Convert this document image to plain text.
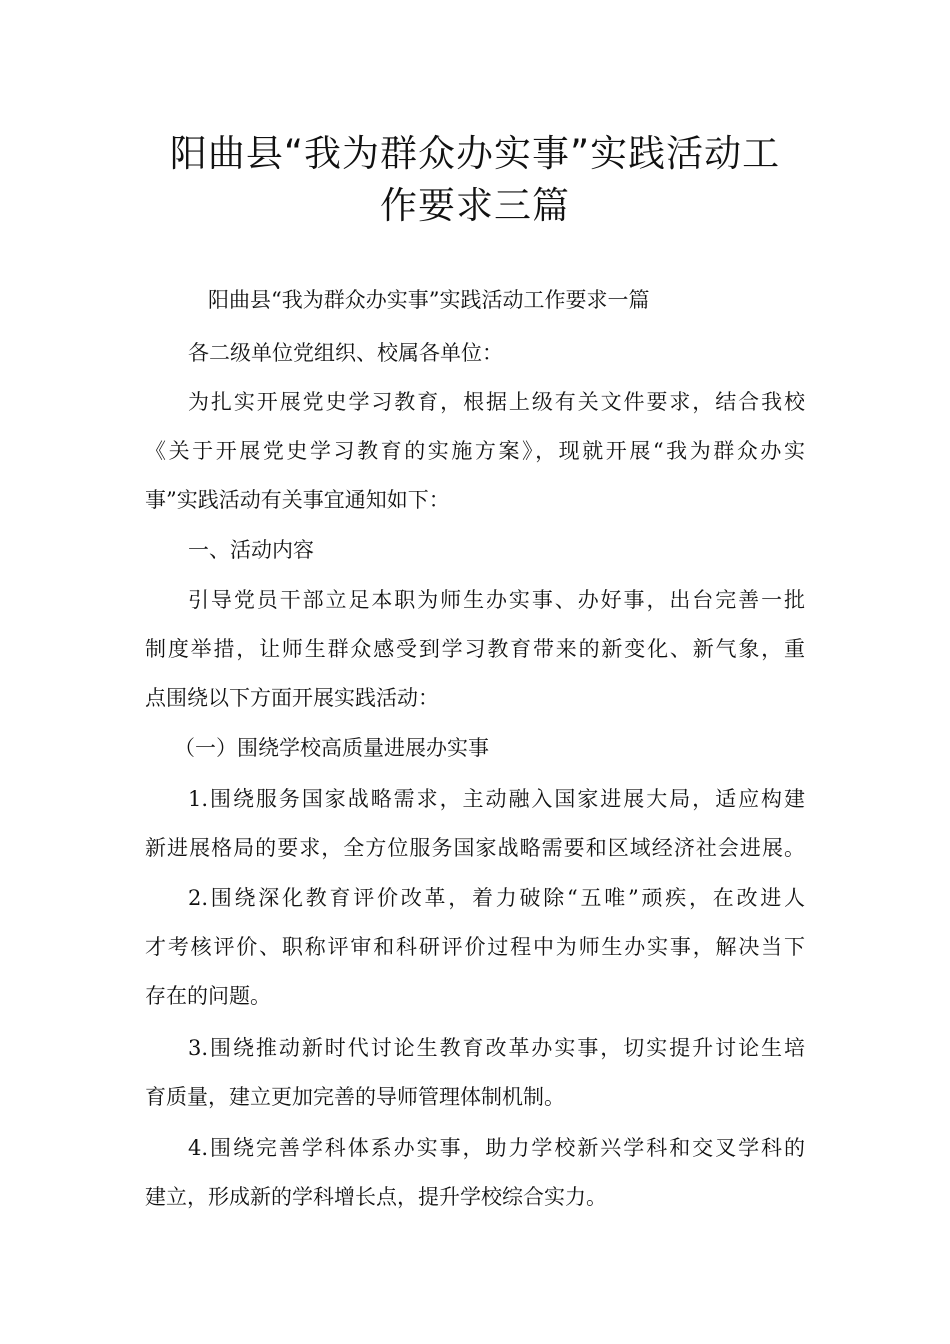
阳曲县“我为群众办实事”实践活动工
作要求三篇
阳曲县“我为群众办实事”实践活动工作要求一篇
各二级单位党组织、校属各单位：
为扎实开展党史学习教育，根据上级有关文件要求，结合我校
《关于开展党史学习教育的实施方案》，现就开展“我为群众办实
事”实践活动有关事宜通知如下：
一、活动内容
引导党员干部立足本职为师生办实事、办好事，出台完善一批
制度举措，让师生群众感受到学习教育带来的新变化、新气象，重
点围绕以下方面开展实践活动：
（一）围绕学校高质量进展办实事
1.围绕服务国家战略需求，主动融入国家进展大局，适应构建
新进展格局的要求，全方位服务国家战略需要和区域经济社会进展。
2.围绕深化教育评价改革，着力破除“五唯”顽疾，在改进人
才考核评价、职称评审和科研评价过程中为师生办实事，解决当下
存在的问题。
3.围绕推动新时代讨论生教育改革办实事，切实提升讨论生培
育质量，建立更加完善的导师管理体制机制。
4.围绕完善学科体系办实事，助力学校新兴学科和交叉学科的
建立，形成新的学科增长点，提升学校综合实力。
